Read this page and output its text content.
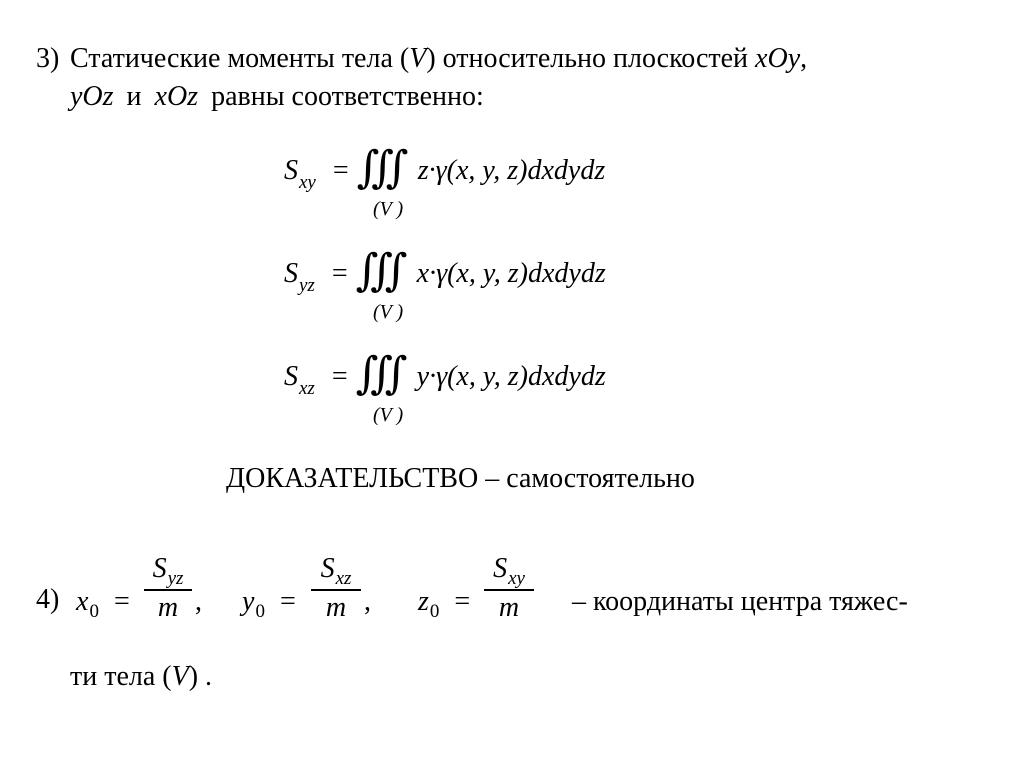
3) Статические моменты тела (V) относительно плоскостей xOy,
yOz и xOz равны соответственно:
$S_{xy}$ = ∭ z·γ(x, y, z)dxdydz
(V )
$S_{yz}$ = ∭ x·γ(x, y, z)dxdydz
(V )
$S_{xz}$ = ∭ y·γ(x, y, z)dxdydz
(V )
ДОКАЗАТЕЛЬСТВО – самостоятельно
4) $x_0$ =
$S_{yz}$
m , $y_0$ =
$S_{xz}$
m , $z_0$ =
$S_{xy}$
m	– координаты центра тяжес-
ти тела (V) .
